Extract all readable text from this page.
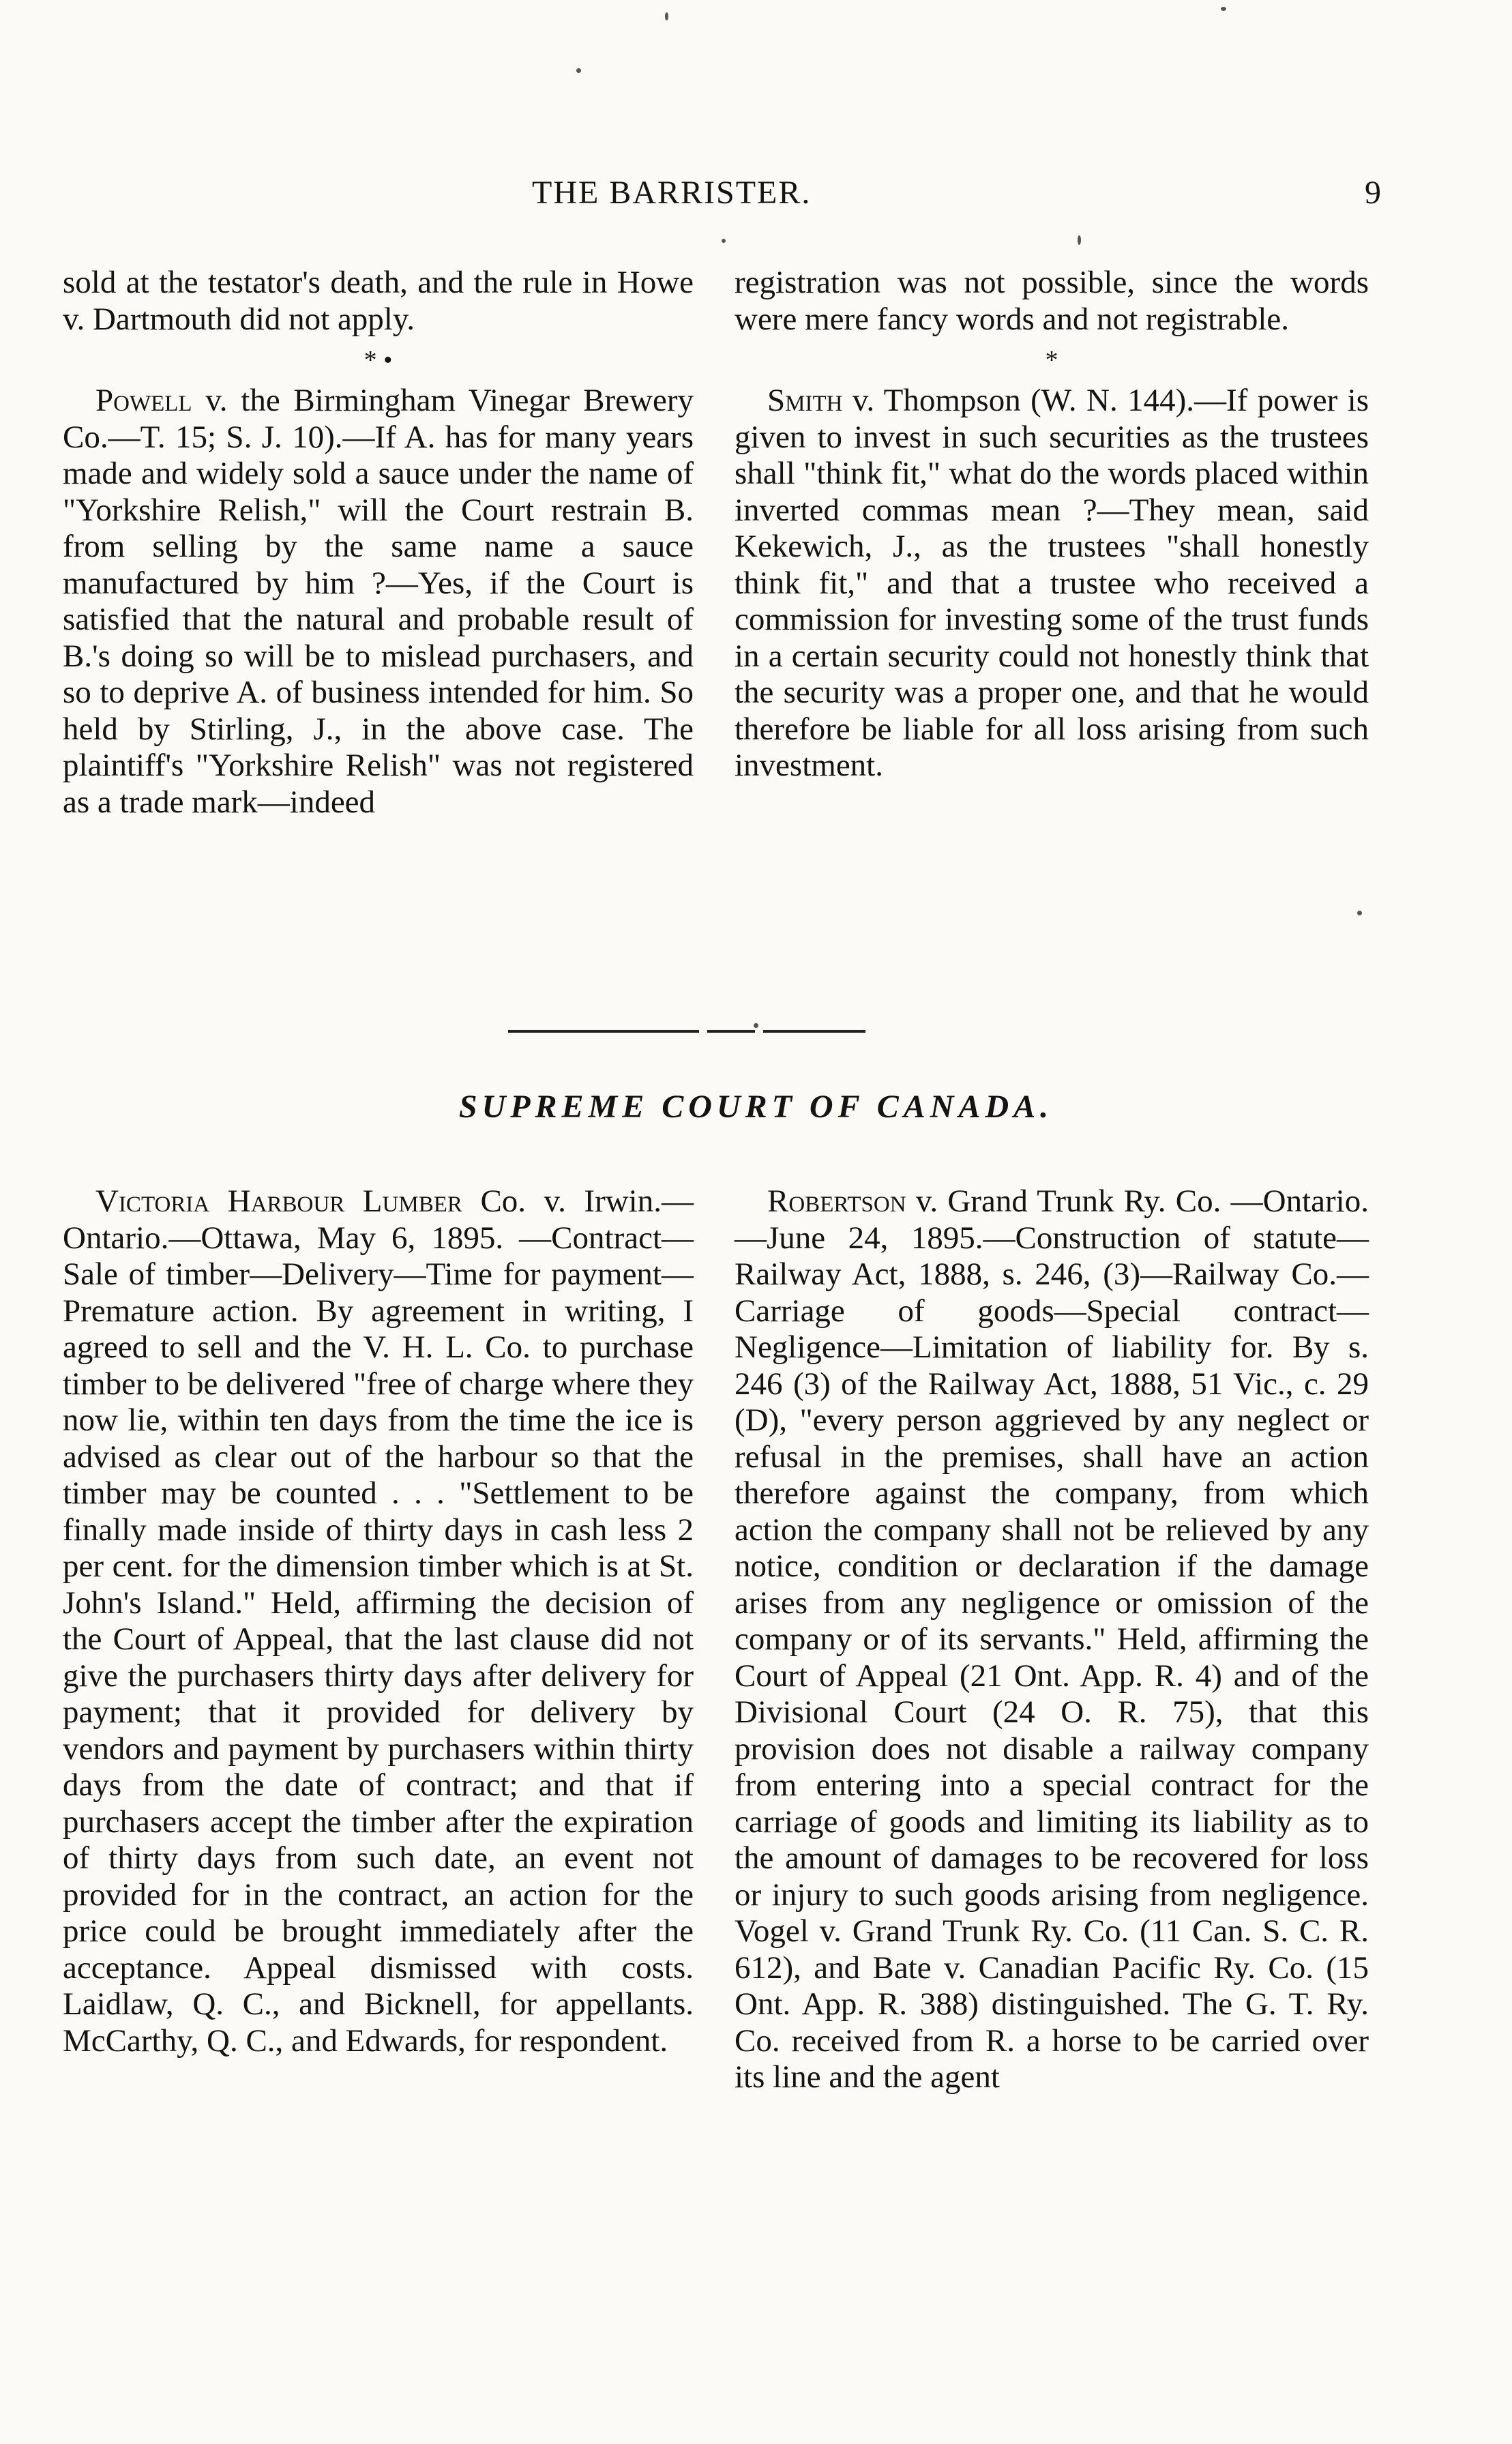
THE BARRISTER.	9

sold at the testator's death, and the rule in Howe v. Dartmouth did not apply.

* •

Powell v. the Birmingham Vinegar Brewery Co.—T. 15; S. J. 10).—If A. has for many years made and widely sold a sauce under the name of "Yorkshire Relish," will the Court restrain B. from selling by the same name a sauce manufactured by him ?—Yes, if the Court is satisfied that the natural and probable result of B.'s doing so will be to mislead purchasers, and so to deprive A. of business intended for him. So held by Stirling, J., in the above case. The plaintiff's "Yorkshire Relish" was not registered as a trade mark—indeed

registration was not possible, since the words were mere fancy words and not registrable.

*

Smith v. Thompson (W. N. 144).—If power is given to invest in such securities as the trustees shall "think fit," what do the words placed within inverted commas mean ?—They mean, said Kekewich, J., as the trustees "shall honestly think fit," and that a trustee who received a commission for investing some of the trust funds in a certain security could not honestly think that the security was a proper one, and that he would therefore be liable for all loss arising from such investment.

SUPREME COURT OF CANADA.

Victoria Harbour Lumber Co. v. Irwin.—Ontario.—Ottawa, May 6, 1895. —Contract—Sale of timber—Delivery—Time for payment—Premature action. By agreement in writing, I agreed to sell and the V. H. L. Co. to purchase timber to be delivered "free of charge where they now lie, within ten days from the time the ice is advised as clear out of the harbour so that the timber may be counted . . . "Settlement to be finally made inside of thirty days in cash less 2 per cent. for the dimension timber which is at St. John's Island." Held, affirming the decision of the Court of Appeal, that the last clause did not give the purchasers thirty days after delivery for payment; that it provided for delivery by vendors and payment by purchasers within thirty days from the date of contract; and that if purchasers accept the timber after the expiration of thirty days from such date, an event not provided for in the contract, an action for the price could be brought immediately after the acceptance. Appeal dismissed with costs. Laidlaw, Q. C., and Bicknell, for appellants. McCarthy, Q. C., and Edwards, for respondent.

Robertson v. Grand Trunk Ry. Co. —Ontario.—June 24, 1895.—Construction of statute—Railway Act, 1888, s. 246, (3)—Railway Co.—Carriage of goods—Special contract—Negligence—Limitation of liability for. By s. 246 (3) of the Railway Act, 1888, 51 Vic., c. 29 (D), "every person aggrieved by any neglect or refusal in the premises, shall have an action therefore against the company, from which action the company shall not be relieved by any notice, condition or declaration if the damage arises from any negligence or omission of the company or of its servants." Held, affirming the Court of Appeal (21 Ont. App. R. 4) and of the Divisional Court (24 O. R. 75), that this provision does not disable a railway company from entering into a special contract for the carriage of goods and limiting its liability as to the amount of damages to be recovered for loss or injury to such goods arising from negligence. Vogel v. Grand Trunk Ry. Co. (11 Can. S. C. R. 612), and Bate v. Canadian Pacific Ry. Co. (15 Ont. App. R. 388) distinguished. The G. T. Ry. Co. received from R. a horse to be carried over its line and the agent
